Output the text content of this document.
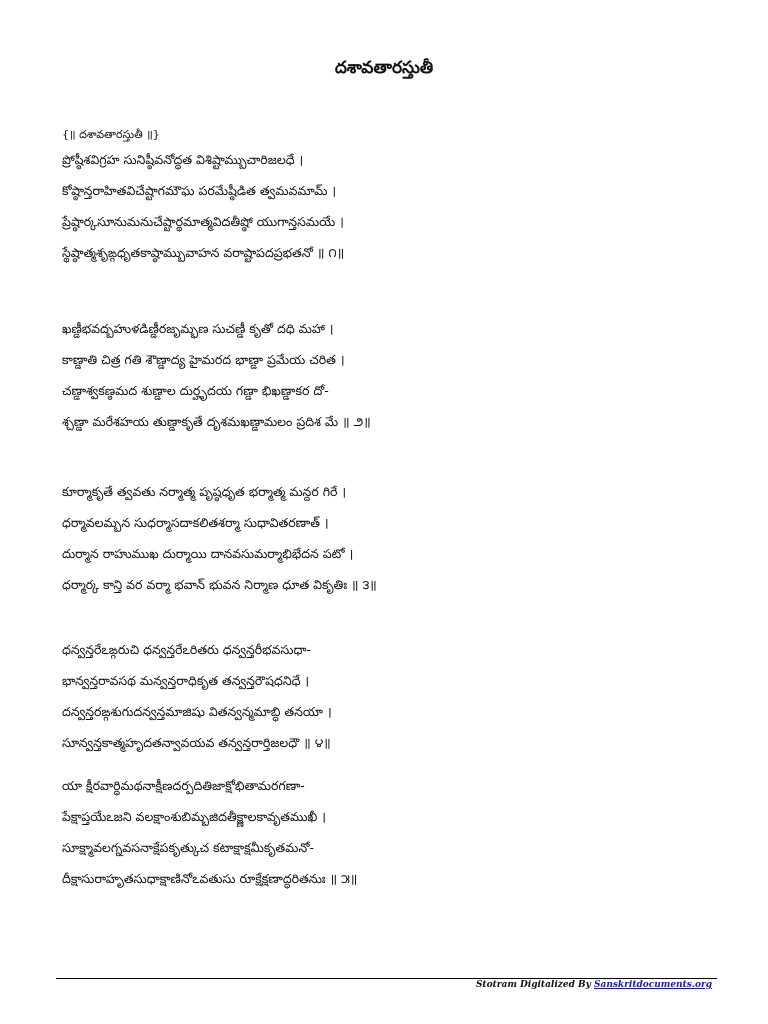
దశావతారస్తుతీ
{॥ దశావతారస్తుతీ ॥}
ప్రోష్ఠీశవిగ్రహ సునిష్ఠీవనోద్ధత విశిష్టామ్బుచారిజలధే ।
కోష్ఠాన్తరాహితవిచేష్టాగమౌఘ పరమేష్ఠీడిత త్వమవమామ్ ।
ప్రేష్ఠార్కసూనుమనుచేష్టార్థమాత్మవిదతీష్ఠో యుగాన్తసమయే ।
స్థేష్ఠాత్మశృఙ్గధృతకాష్ఠామ్బువాహన వరాష్టాపదప్రభతనో ॥ ౧॥
ఖణ్డీభవద్బహుళడిణ్డీరజృమ్భణ సుచణ్డీ కృతో దధి మహా ।
కాణ్డాతి చిత్ర గతి శౌణ్డాద్య హైమరద భాణ్డా ప్రమేయ చరిత ।
చణ్డాశ్వకణ్ఠమద శుణ్డాల దుర్హృదయ గణ్డా భిఖణ్డాకర దో-
శ్చణ్డా మరేశహయ తుణ్డాకృతే దృశమఖణ్డామలం ప్రదిశ మే ॥ ౨॥
కూర్మాకృతే త్వవతు నర్మాత్మ పృష్ఠధృత భర్మాత్మ మన్దర గిరే ।
ధర్మావలమ్బన సుధర్మాసదాకలితశర్మా సుధావితరణాత్ ।
దుర్మాన రాహుముఖ దుర్మాయి దానవసుమర్మాభిభేదన పటో ।
ధర్మార్క కాన్తి వర వర్మా భవాన్ భువన నిర్మాణ ధూత వికృతిః ॥ ౩॥
ధన్వన్తరేఽఙ్గరుచి ధన్వన్తరేఽరితరు ధన్వన్తరీభవసుధా-
భాన్వన్తరావసథ మన్వన్తరాధికృత తన్వన్తరౌషధనిధే ।
దన్వన్తరఙ్గశుగుదన్వన్తమాజిషు వితన్వన్మమాబ్ధి తనయా ।
సూన్వన్తకాత్మహృదతన్వావయవ తన్వన్తరార్తిజలధౌ ॥ ౪॥
యా క్షీరవార్ధిమథనాక్షీణదర్పదితిజాక్షోభితామరగణా-
పేక్షాప్తయేఽజని వలక్షాంశుబిమ్బజిదతీక్ష్ణాలకావృతముఖీ ।
సూక్ష్మావలగ్నవసనాక్షేపకృత్కుచ కటాక్షాక్షమీకృతమనో-
దీక్షాసురాహృతసుధాక్షాణినోఽవతుసు రూక్షేక్షణాద్ధరితనుః ॥ ౫॥
Stotram Digitalized By Sanskritdocuments.org
